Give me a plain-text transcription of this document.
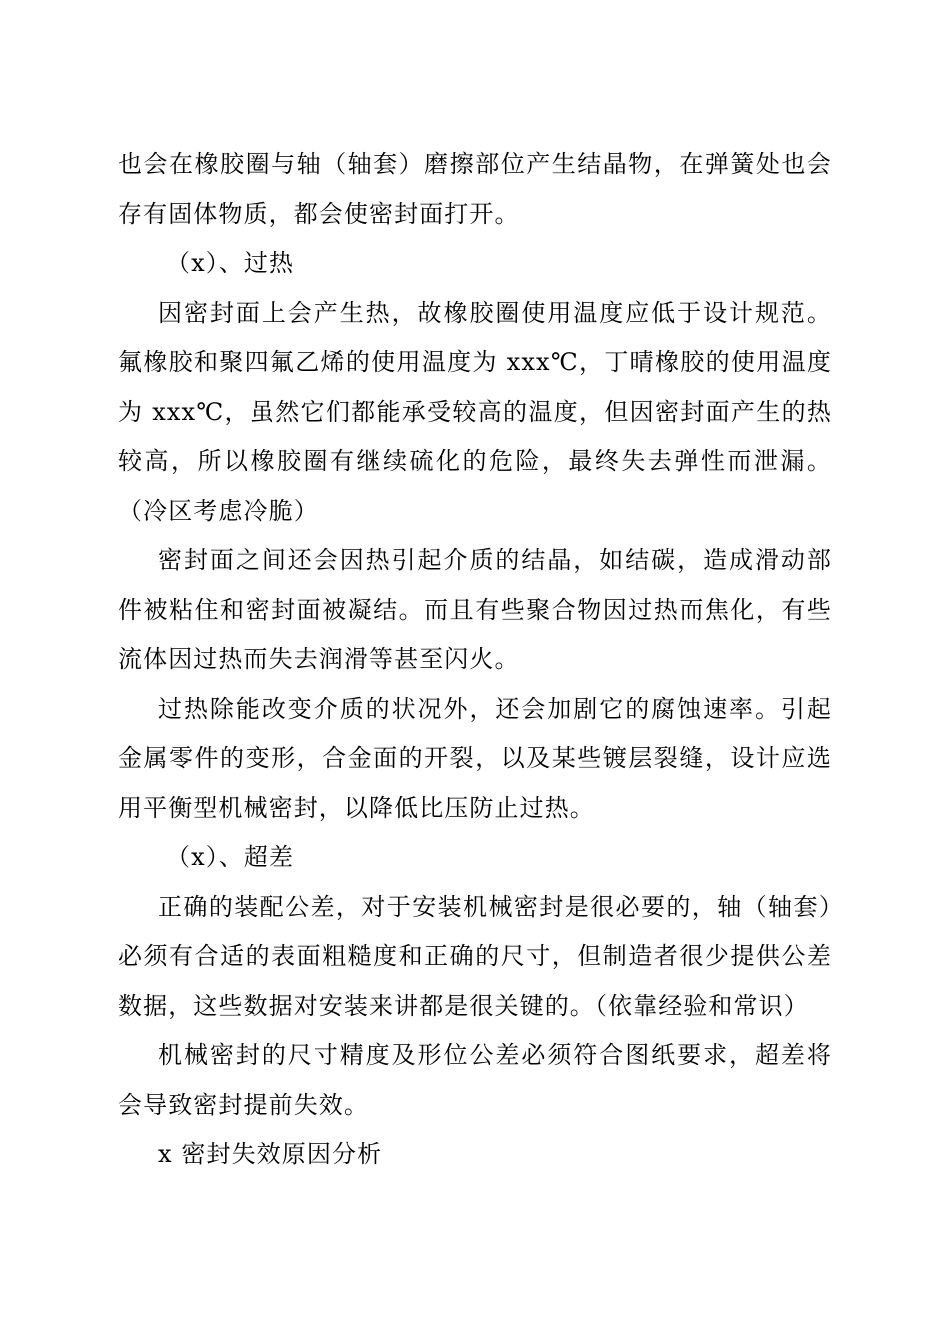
也会在橡胶圈与轴（轴套）磨擦部位产生结晶物，在弹簧处也会存有固体物质，都会使密封面打开。

（x）、过热

因密封面上会产生热，故橡胶圈使用温度应低于设计规范。氟橡胶和聚四氟乙烯的使用温度为 xxx℃，丁晴橡胶的使用温度为 xxx℃，虽然它们都能承受较高的温度，但因密封面产生的热较高，所以橡胶圈有继续硫化的危险，最终失去弹性而泄漏。（冷区考虑冷脆）

密封面之间还会因热引起介质的结晶，如结碳，造成滑动部件被粘住和密封面被凝结。而且有些聚合物因过热而焦化，有些流体因过热而失去润滑等甚至闪火。

过热除能改变介质的状况外，还会加剧它的腐蚀速率。引起金属零件的变形，合金面的开裂，以及某些镀层裂缝，设计应选用平衡型机械密封，以降低比压防止过热。

（x）、超差

正确的装配公差，对于安装机械密封是很必要的，轴（轴套）必须有合适的表面粗糙度和正确的尺寸，但制造者很少提供公差数据，这些数据对安装来讲都是很关键的。（依靠经验和常识）

机械密封的尺寸精度及形位公差必须符合图纸要求，超差将会导致密封提前失效。

x 密封失效原因分析
